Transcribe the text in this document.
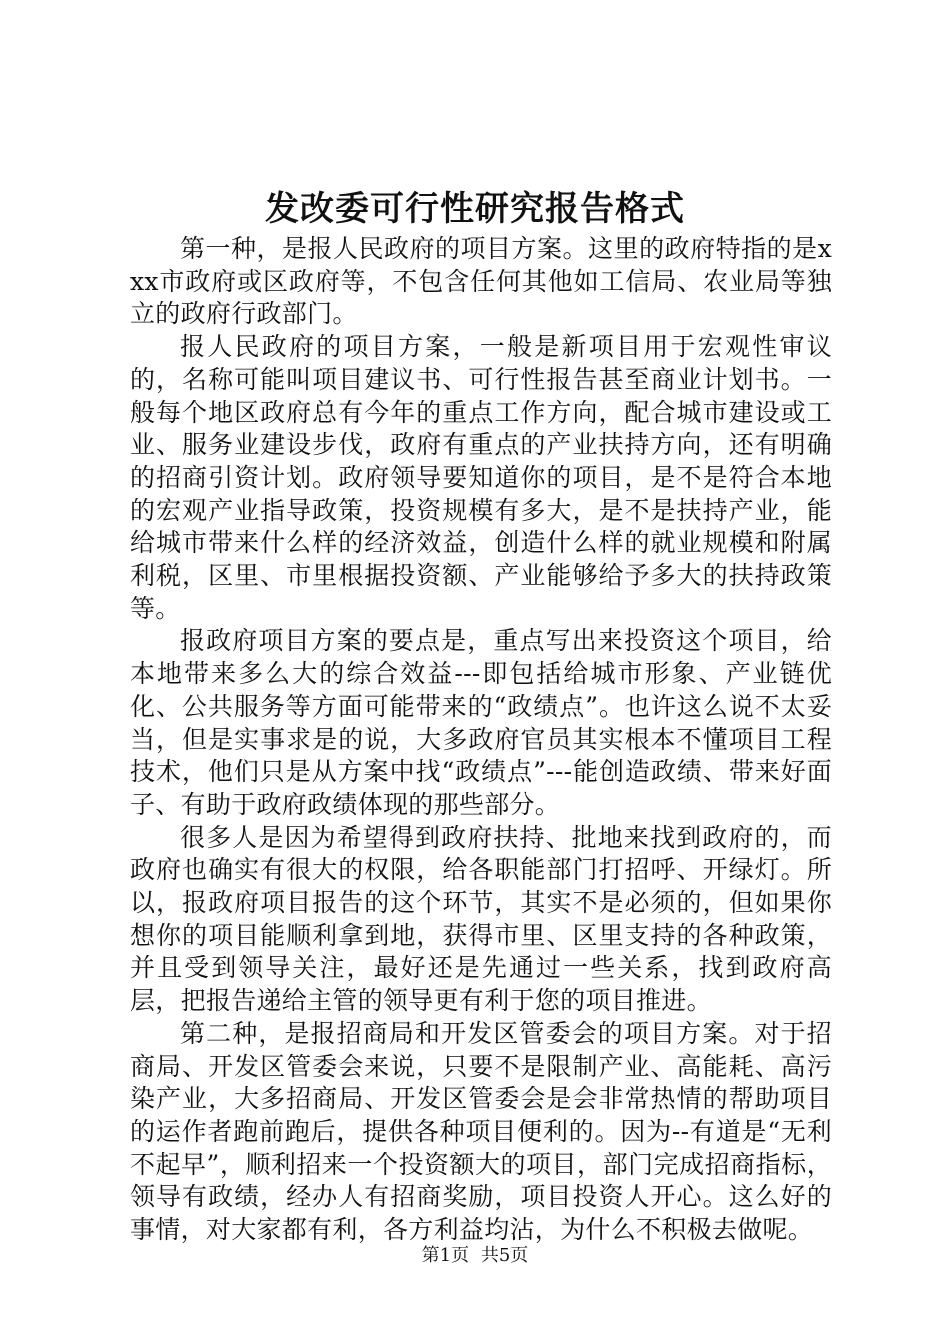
发改委可行性研究报告格式

第一种，是报人民政府的项目方案。这里的政府特指的是xxx市政府或区政府等，不包含任何其他如工信局、农业局等独立的政府行政部门。

报人民政府的项目方案，一般是新项目用于宏观性审议的，名称可能叫项目建议书、可行性报告甚至商业计划书。一般每个地区政府总有今年的重点工作方向，配合城市建设或工业、服务业建设步伐，政府有重点的产业扶持方向，还有明确的招商引资计划。政府领导要知道你的项目，是不是符合本地的宏观产业指导政策，投资规模有多大，是不是扶持产业，能给城市带来什么样的经济效益，创造什么样的就业规模和附属利税，区里、市里根据投资额、产业能够给予多大的扶持政策等。

报政府项目方案的要点是，重点写出来投资这个项目，给本地带来多么大的综合效益---即包括给城市形象、产业链优化、公共服务等方面可能带来的“政绩点”。也许这么说不太妥当，但是实事求是的说，大多政府官员其实根本不懂项目工程技术，他们只是从方案中找“政绩点”---能创造政绩、带来好面子、有助于政府政绩体现的那些部分。

很多人是因为希望得到政府扶持、批地来找到政府的，而政府也确实有很大的权限，给各职能部门打招呼、开绿灯。所以，报政府项目报告的这个环节，其实不是必须的，但如果你想你的项目能顺利拿到地，获得市里、区里支持的各种政策，并且受到领导关注，最好还是先通过一些关系，找到政府高层，把报告递给主管的领导更有利于您的项目推进。

第二种，是报招商局和开发区管委会的项目方案。对于招商局、开发区管委会来说，只要不是限制产业、高能耗、高污染产业，大多招商局、开发区管委会是会非常热情的帮助项目的运作者跑前跑后，提供各种项目便利的。因为--有道是“无利不起早”，顺利招来一个投资额大的项目，部门完成招商指标，领导有政绩，经办人有招商奖励，项目投资人开心。这么好的事情，对大家都有利，各方利益均沾，为什么不积极去做呢。

第1页 共5页
